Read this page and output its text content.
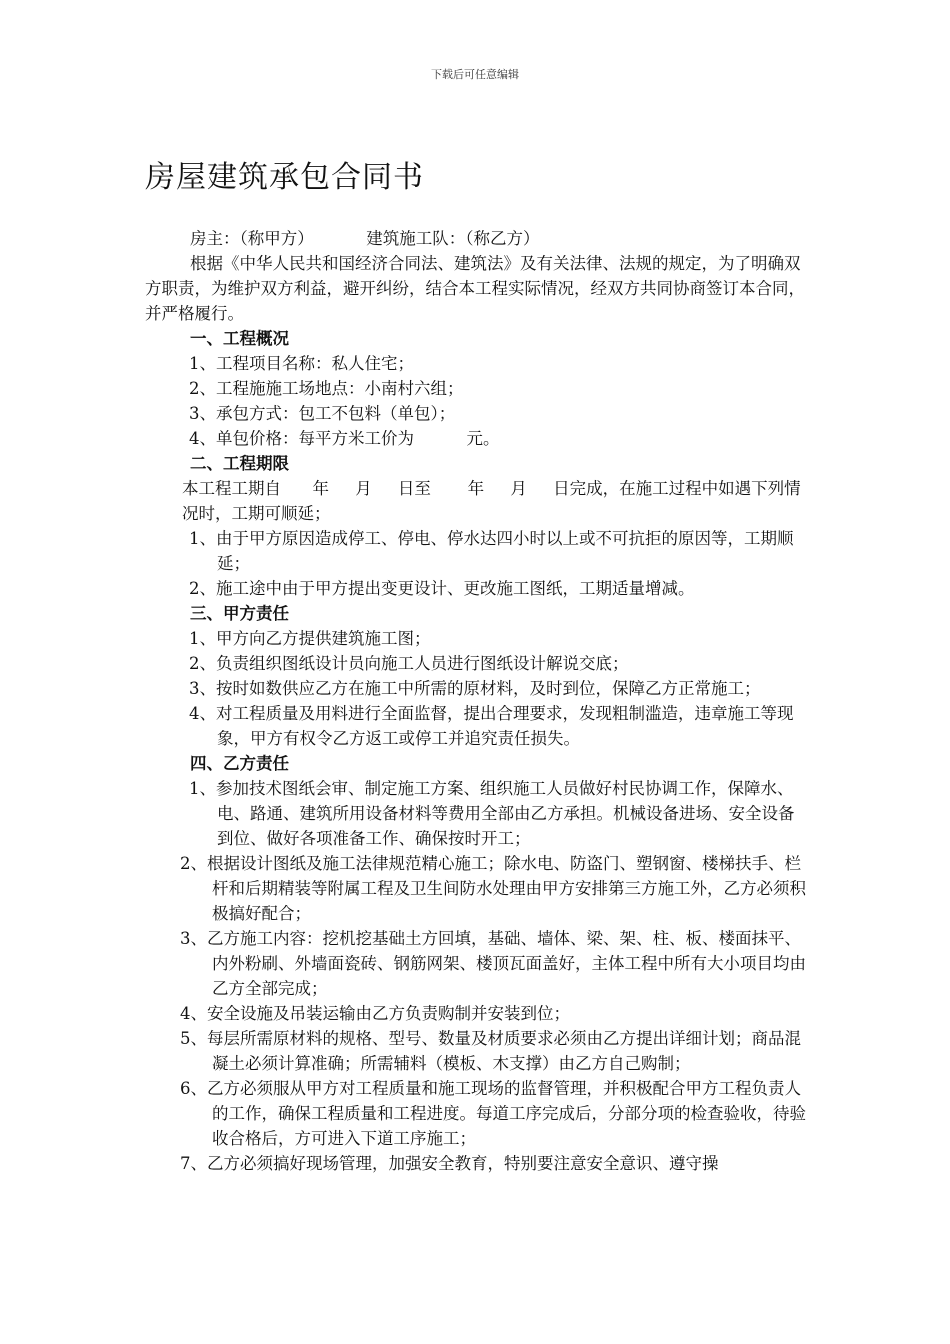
下载后可任意编辑
房屋建筑承包合同书

房主：（称甲方）          建筑施工队：（称乙方）

根据《中华人民共和国经济合同法、建筑法》及有关法律、法规的规定，为了明确双方职责，为维护双方利益，避开纠纷，结合本工程实际情况，经双方共同协商签订本合同，并严格履行。

一、工程概况

1、工程项目名称：私人住宅；

2、工程施施工场地点：小南村六组；

3、承包方式：包工不包料（单包）；

4、单包价格：每平方米工价为          元。

二、工程期限

本工程工期自      年     月     日至       年     月     日完成，在施工过程中如遇下列情况时，工期可顺延；

1、由于甲方原因造成停工、停电、停水达四小时以上或不可抗拒的原因等，工期顺延；

2、施工途中由于甲方提出变更设计、更改施工图纸，工期适量增减。

三、甲方责任

1、甲方向乙方提供建筑施工图；

2、负责组织图纸设计员向施工人员进行图纸设计解说交底；

3、按时如数供应乙方在施工中所需的原材料，及时到位，保障乙方正常施工；

4、对工程质量及用料进行全面监督，提出合理要求，发现粗制滥造，违章施工等现象，甲方有权令乙方返工或停工并追究责任损失。

四、乙方责任

1、参加技术图纸会审、制定施工方案、组织施工人员做好村民协调工作，保障水、电、路通、建筑所用设备材料等费用全部由乙方承担。机械设备进场、安全设备到位、做好各项准备工作、确保按时开工；

2、根据设计图纸及施工法律规范精心施工；除水电、防盗门、塑钢窗、楼梯扶手、栏杆和后期精装等附属工程及卫生间防水处理由甲方安排第三方施工外，乙方必须积极搞好配合；

3、乙方施工内容：挖机挖基础土方回填，基础、墙体、梁、架、柱、板、楼面抹平、内外粉刷、外墙面瓷砖、钢筋网架、楼顶瓦面盖好，主体工程中所有大小项目均由乙方全部完成；

4、安全设施及吊装运输由乙方负责购制并安装到位；

5、每层所需原材料的规格、型号、数量及材质要求必须由乙方提出详细计划；商品混凝土必须计算准确；所需辅料（模板、木支撑）由乙方自己购制；

6、乙方必须服从甲方对工程质量和施工现场的监督管理，并积极配合甲方工程负责人的工作，确保工程质量和工程进度。每道工序完成后，分部分项的检查验收，待验收合格后，方可进入下道工序施工；

7、乙方必须搞好现场管理，加强安全教育，特别要注意安全意识、遵守操
